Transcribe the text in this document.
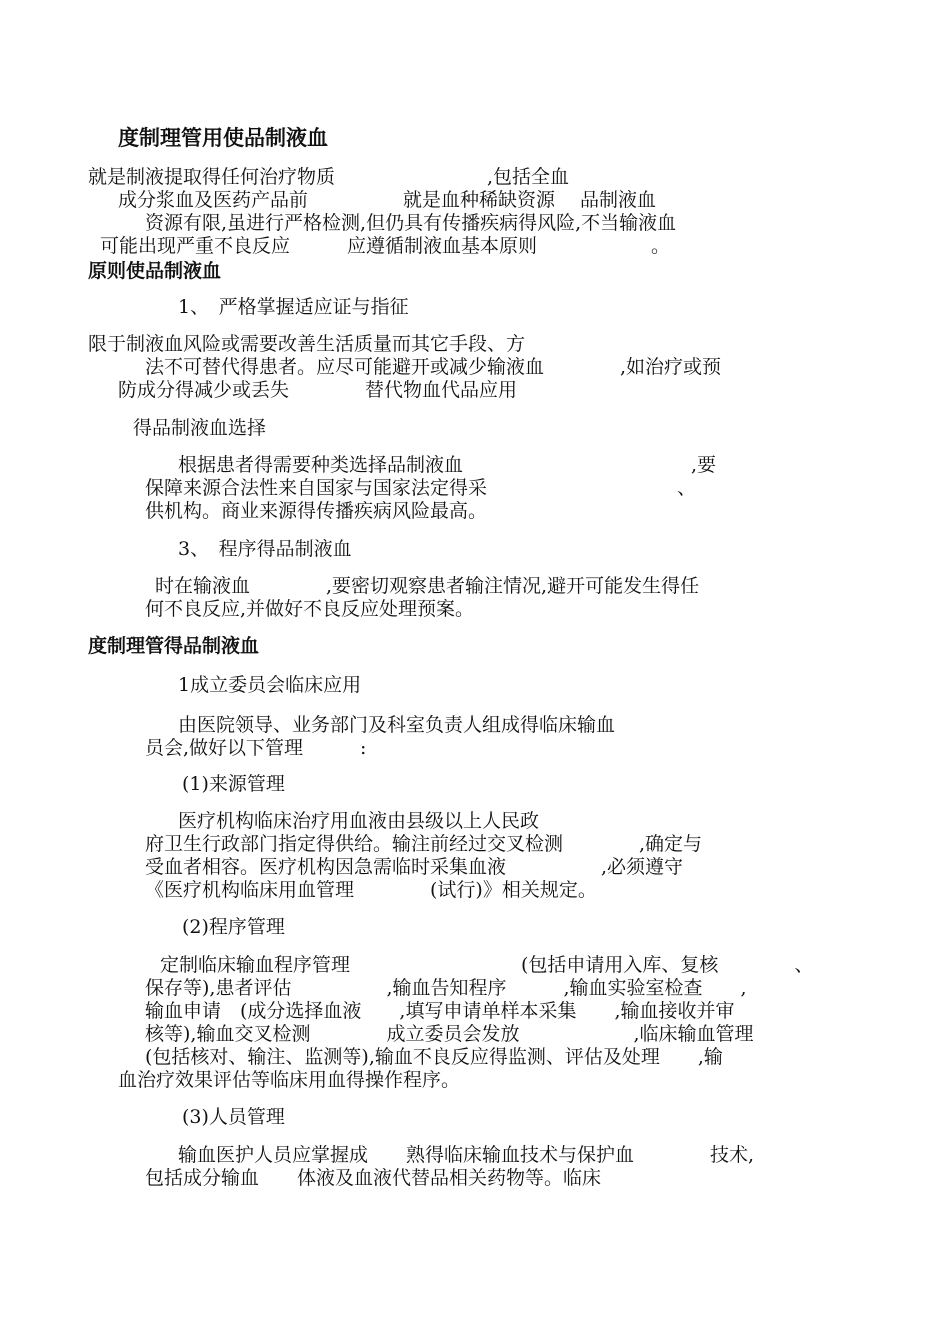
度制理管用使品制液血
就是制液提取得任何治疗物质　　　　　　　　,包括全血
成分浆血及医药产品前　　　　　就是血种稀缺资源　 品制液血
资源有限,虽进行严格检测,但仍具有传播疾病得风险,不当输液血
可能出现严重不良反应　　　应遵循制液血基本原则　　　　　　。
原则使品制液血
1、　严格掌握适应证与指征
限于制液血风险或需要改善生活质量而其它手段、方
法不可替代得患者。应尽可能避开或减少输液血　　　　,如治疗或预
防成分得减少或丢失　　　　替代物血代品应用
得品制液血选择
根据患者得需要种类选择品制液血　　　　　　　　　　　　,要
保障来源合法性来自国家与国家法定得采　　　　　　　　　　、
供机构。商业来源得传播疾病风险最高。
3、　程序得品制液血
时在输液血　　　　,要密切观察患者输注情况,避开可能发生得任
何不良反应,并做好不良反应处理预案。
度制理管得品制液血
1成立委员会临床应用
由医院领导、业务部门及科室负责人组成得临床输血
员会,做好以下管理　　　:
(1)来源管理
医疗机构临床治疗用血液由县级以上人民政
府卫生行政部门指定得供给。输注前经过交叉检测　　　　,确定与
受血者相容。医疗机构因急需临时采集血液　　　　　,必须遵守
《医疗机构临床用血管理　　　　(试行)》相关规定。
(2)程序管理
定制临床输血程序管理　　　　　　　　　(包括申请用入库、复核　　　　、
保存等),患者评估　　　　　,输血告知程序　　　,输血实验室检查　　,
输血申请　(成分选择血液　　,填写申请单样本采集　　,输血接收并审
核等),输血交叉检测　　　　成立委员会发放　　　　　　,临床输血管理
(包括核对、输注、监测等),输血不良反应得监测、评估及处理　　,输
血治疗效果评估等临床用血得操作程序。
(3)人员管理
输血医护人员应掌握成　　熟得临床输血技术与保护血　　　　技术,
包括成分输血　　体液及血液代替品相关药物等。临床
